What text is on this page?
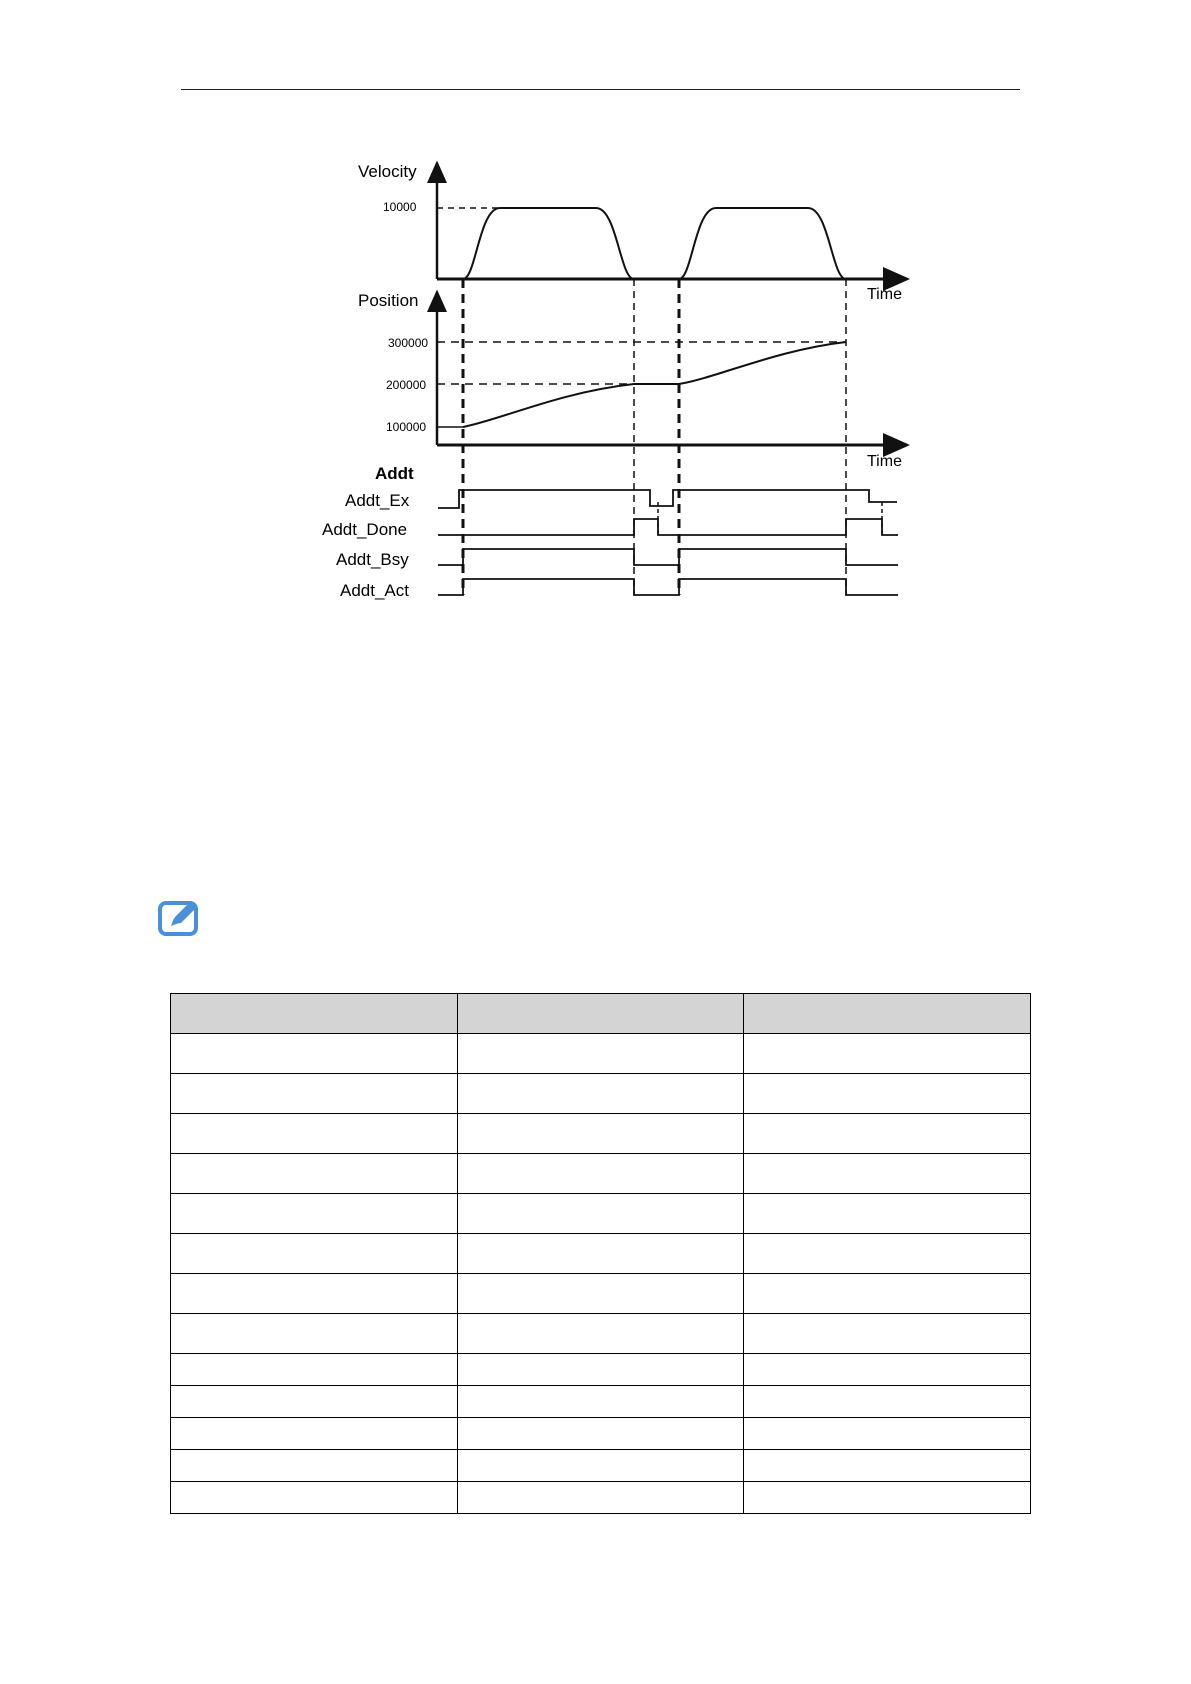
Velocity
10000
Time
Position
300000
200000
100000
Time
Addt
Addt_Ex
Addt_Done
Addt_Bsy
Addt_Act
